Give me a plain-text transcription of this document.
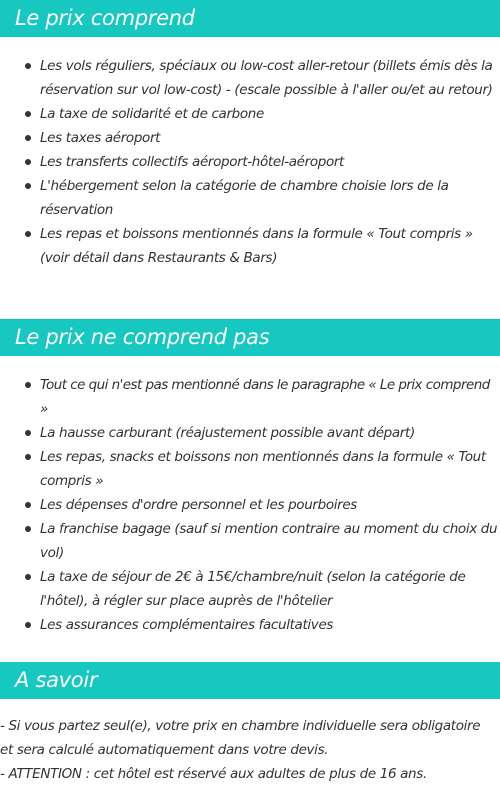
Le prix comprend
Les vols réguliers, spéciaux ou low-cost aller-retour (billets émis dès la réservation sur vol low-cost) - (escale possible à l'aller ou/et au retour)
La taxe de solidarité et de carbone
Les taxes aéroport
Les transferts collectifs aéroport-hôtel-aéroport
L'hébergement selon la catégorie de chambre choisie lors de la réservation
Les repas et boissons mentionnés dans la formule « Tout compris » (voir détail dans Restaurants & Bars)
Le prix ne comprend pas
Tout ce qui n'est pas mentionné dans le paragraphe « Le prix comprend »
La hausse carburant (réajustement possible avant départ)
Les repas, snacks et boissons non mentionnés dans la formule « Tout compris »
Les dépenses d'ordre personnel et les pourboires
La franchise bagage (sauf si mention contraire au moment du choix du vol)
La taxe de séjour de 2€ à 15€/chambre/nuit (selon la catégorie de l'hôtel), à régler sur place auprès de l'hôtelier
Les assurances complémentaires facultatives
A savoir

- Si vous partez seul(e), votre prix en chambre individuelle sera obligatoire et sera calculé automatiquement dans votre devis.

- ATTENTION : cet hôtel est réservé aux adultes de plus de 16 ans.
